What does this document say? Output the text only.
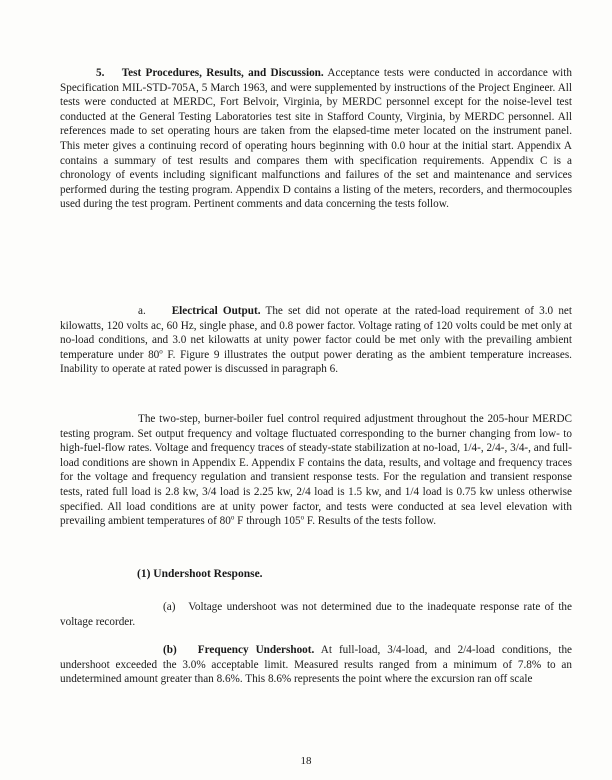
5. Test Procedures, Results, and Discussion. Acceptance tests were conducted in accordance with Specification MIL-STD-705A, 5 March 1963, and were supplemented by instructions of the Project Engineer. All tests were conducted at MERDC, Fort Belvoir, Virginia, by MERDC personnel except for the noise-level test conducted at the General Testing Laboratories test site in Stafford County, Virginia, by MERDC personnel. All references made to set operating hours are taken from the elapsed-time meter located on the instrument panel. This meter gives a continuing record of operating hours beginning with 0.0 hour at the initial start. Appendix A contains a summary of test results and compares them with specification requirements. Appendix C is a chronology of events including significant malfunctions and failures of the set and maintenance and services performed during the testing program. Appendix D contains a listing of the meters, recorders, and thermocouples used during the test program. Pertinent comments and data concerning the tests follow.

a. Electrical Output. The set did not operate at the rated-load requirement of 3.0 net kilowatts, 120 volts ac, 60 Hz, single phase, and 0.8 power factor. Voltage rating of 120 volts could be met only at no-load conditions, and 3.0 net kilowatts at unity power factor could be met only with the prevailing ambient temperature under 80$^o$ F. Figure 9 illustrates the output power derating as the ambient temperature increases. Inability to operate at rated power is discussed in paragraph 6.

The two-step, burner-boiler fuel control required adjustment throughout the 205-hour MERDC testing program. Set output frequency and voltage fluctuated corresponding to the burner changing from low- to high-fuel-flow rates. Voltage and frequency traces of steady-state stabilization at no-load, 1/4-, 2/4-, 3/4-, and full-load conditions are shown in Appendix E. Appendix F contains the data, results, and voltage and frequency traces for the voltage and frequency regulation and transient response tests. For the regulation and transient response tests, rated full load is 2.8 kw, 3/4 load is 2.25 kw, 2/4 load is 1.5 kw, and 1/4 load is 0.75 kw unless otherwise specified. All load conditions are at unity power factor, and tests were conducted at sea level elevation with prevailing ambient temperatures of 80$^o$ F through 105$^o$ F. Results of the tests follow.

(1) Undershoot Response.

(a) Voltage undershoot was not determined due to the inadequate response rate of the voltage recorder.

(b) Frequency Undershoot. At full-load, 3/4-load, and 2/4-load conditions, the undershoot exceeded the 3.0% acceptable limit. Measured results ranged from a minimum of 7.8% to an undetermined amount greater than 8.6%. This 8.6% represents the point where the excursion ran off scale

18
